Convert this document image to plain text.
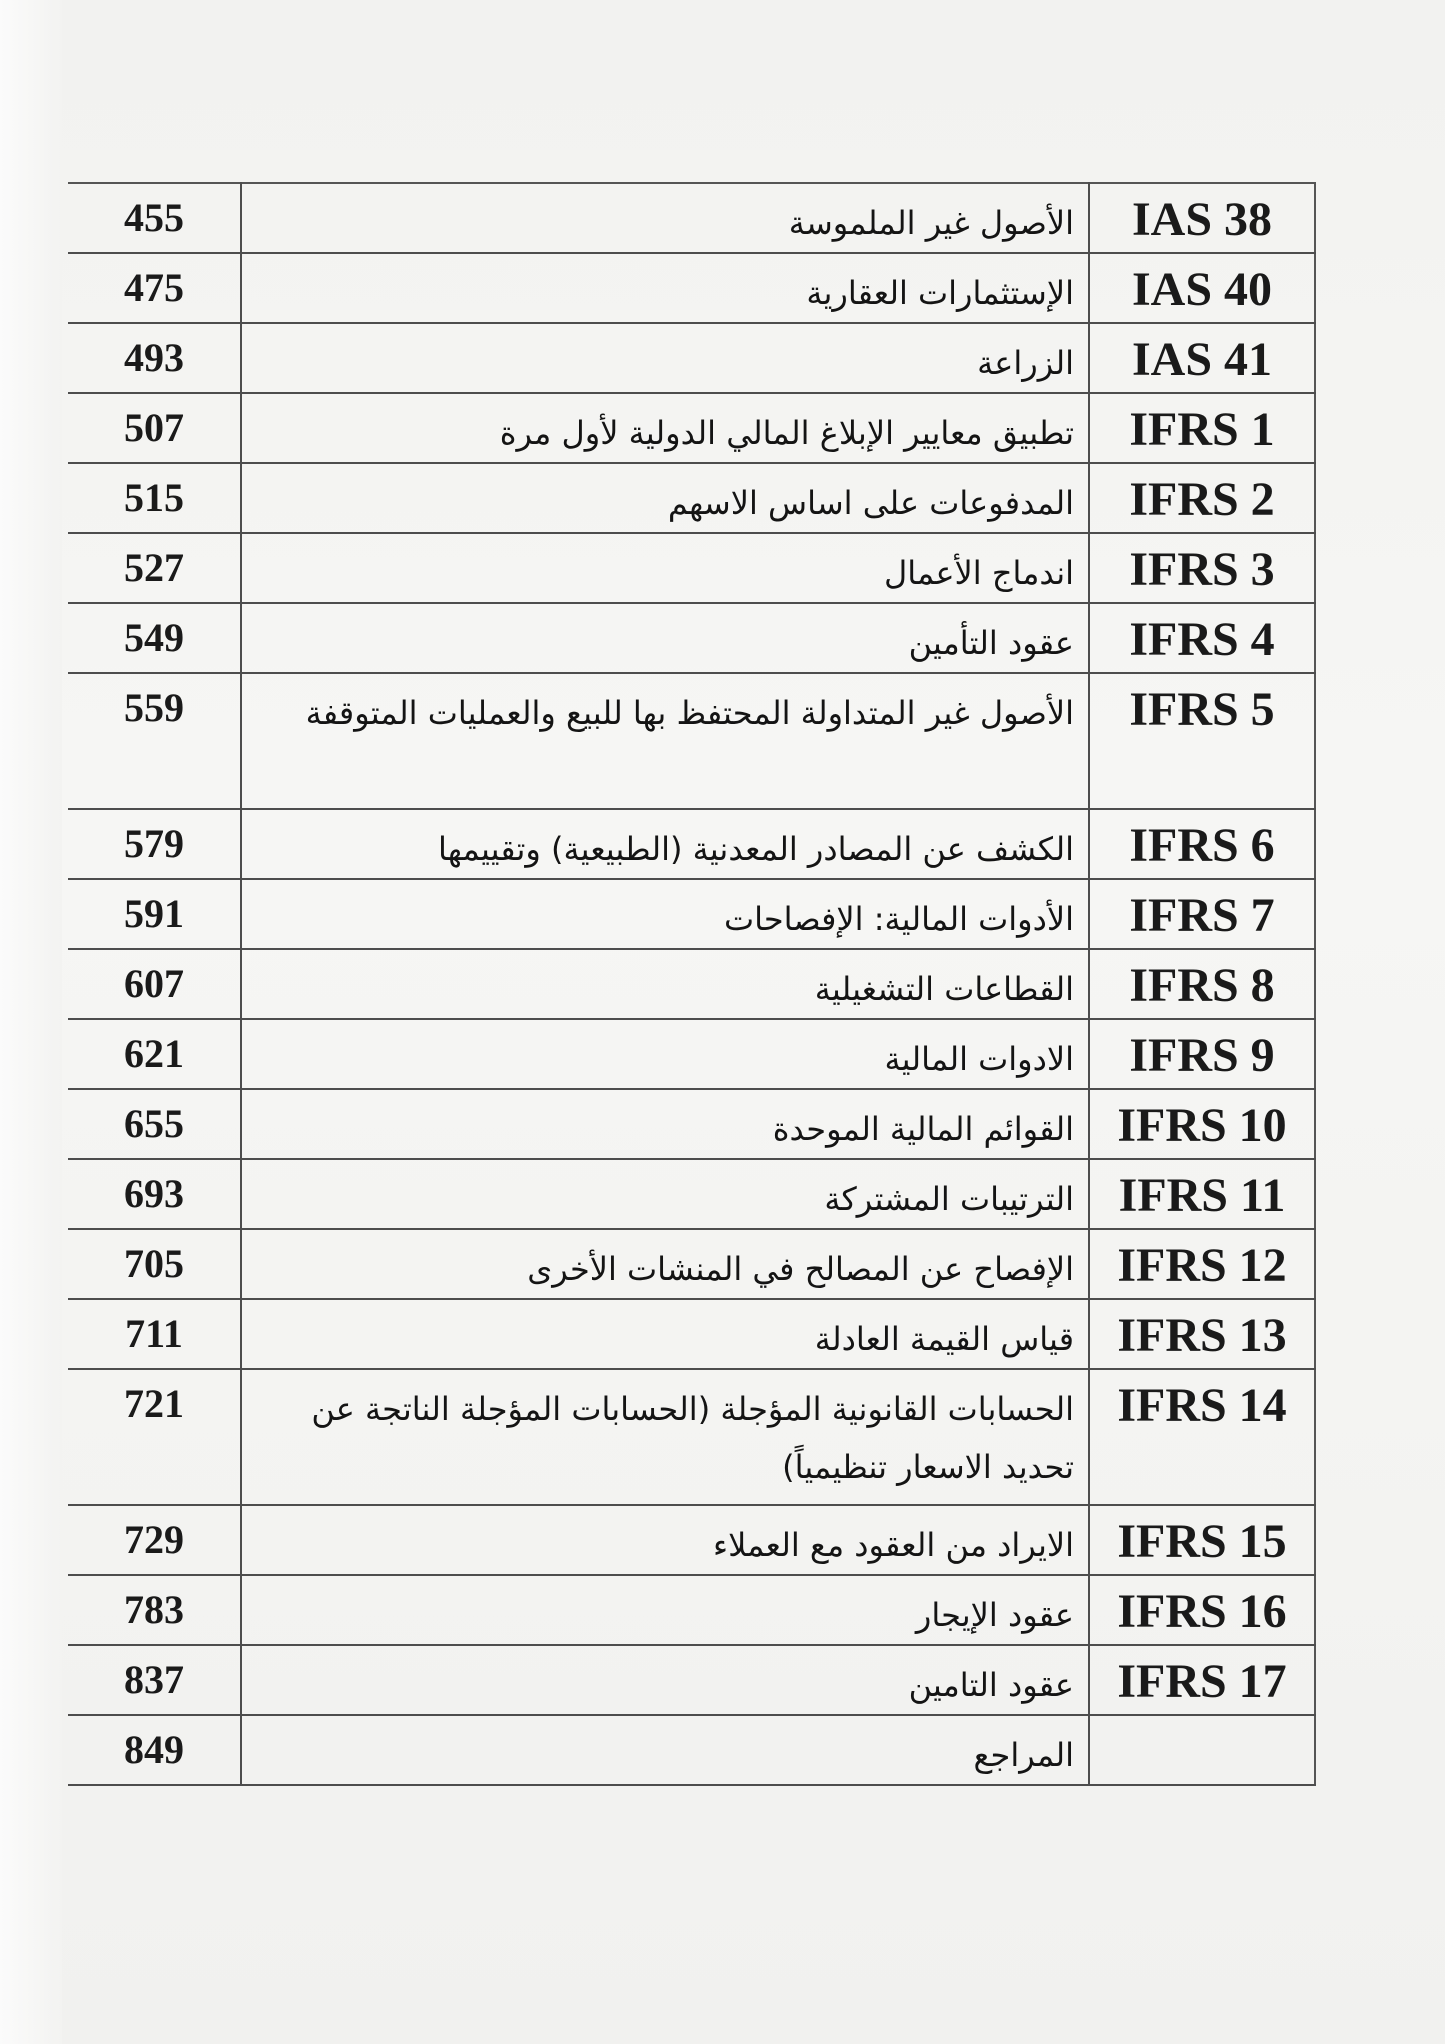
455	الأصول غير الملموسة	IAS 38
475	الإستثمارات العقارية	IAS 40
493	الزراعة	IAS 41
507	تطبيق معايير الإبلاغ المالي الدولية لأول مرة	IFRS 1
515	المدفوعات على اساس الاسهم	IFRS 2
527	اندماج الأعمال	IFRS 3
549	عقود التأمين	IFRS 4
559	الأصول غير المتداولة المحتفظ بها للبيع والعمليات المتوقفة	IFRS 5
579	الكشف عن المصادر المعدنية (الطبيعية) وتقييمها	IFRS 6
591	الأدوات المالية: الإفصاحات	IFRS 7
607	القطاعات التشغيلية	IFRS 8
621	الادوات المالية	IFRS 9
655	القوائم المالية الموحدة	IFRS 10
693	الترتيبات المشتركة	IFRS 11
705	الإفصاح عن المصالح في المنشات الأخرى	IFRS 12
711	قياس القيمة العادلة	IFRS 13
721	الحسابات القانونية المؤجلة (الحسابات المؤجلة الناتجة عن تحديد الاسعار تنظيمياً)	IFRS 14
729	الايراد من العقود مع العملاء	IFRS 15
783	عقود الإيجار	IFRS 16
837	عقود التامين	IFRS 17
849	المراجع	
